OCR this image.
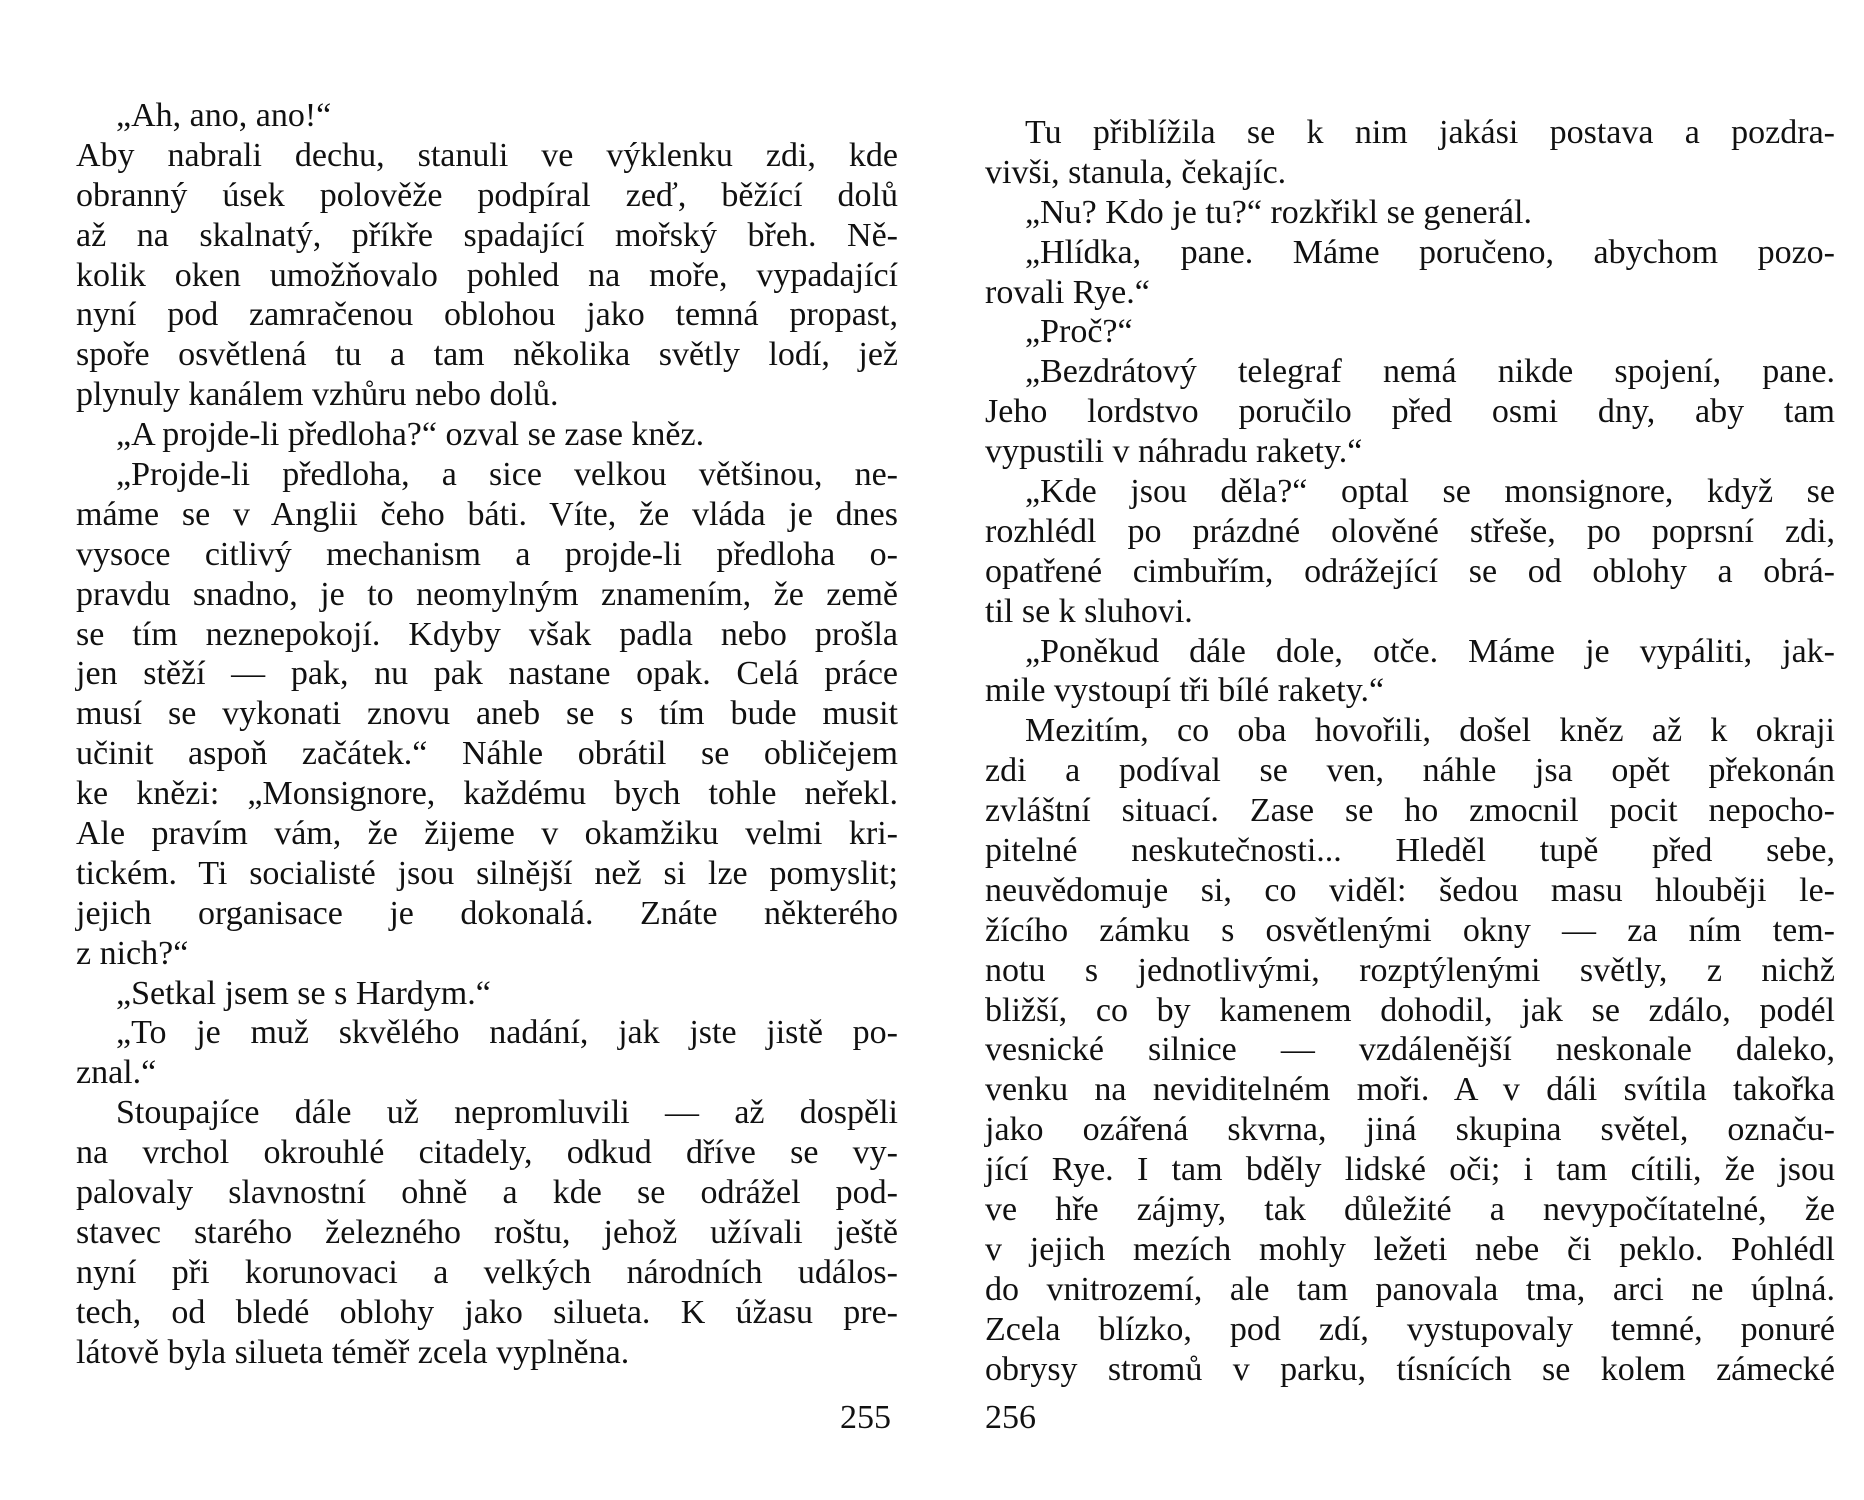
„Ah, ano, ano!“
Aby nabrali dechu, stanuli ve výklenku zdi, kde
obranný úsek polověže podpíral zeď, běžící dolů
až na skalnatý, příkře spadající mořský břeh. Ně-
kolik oken umožňovalo pohled na moře, vypadající
nyní pod zamračenou oblohou jako temná propast,
spoře osvětlená tu a tam několika světly lodí, jež
plynuly kanálem vzhůru nebo dolů.
„A projde-li předloha?“ ozval se zase kněz.
„Projde-li předloha, a sice velkou většinou, ne-
máme se v Anglii čeho báti. Víte, že vláda je dnes
vysoce citlivý mechanism a projde-li předloha o-
pravdu snadno, je to neomylným znamením, že země
se tím neznepokojí. Kdyby však padla nebo prošla
jen stěží — pak, nu pak nastane opak. Celá práce
musí se vykonati znovu aneb se s tím bude musit
učinit aspoň začátek.“ Náhle obrátil se obličejem
ke knězi: „Monsignore, každému bych tohle neřekl.
Ale pravím vám, že žijeme v okamžiku velmi kri-
tickém. Ti socialisté jsou silnější než si lze pomyslit;
jejich organisace je dokonalá. Znáte některého
z nich?“
„Setkal jsem se s Hardym.“
„To je muž skvělého nadání, jak jste jistě po-
znal.“
Stoupajíce dále už nepromluvili — až dospěli
na vrchol okrouhlé citadely, odkud dříve se vy-
palovaly slavnostní ohně a kde se odrážel pod-
stavec starého železného roštu, jehož užívali ještě
nyní při korunovaci a velkých národních událos-
tech, od bledé oblohy jako silueta. K úžasu pre-
látově byla silueta téměř zcela vyplněna.
255
Tu přiblížila se k nim jakási postava a pozdra-
vivši, stanula, čekajíc.
„Nu? Kdo je tu?“ rozkřikl se generál.
„Hlídka, pane. Máme poručeno, abychom pozo-
rovali Rye.“
„Proč?“
„Bezdrátový telegraf nemá nikde spojení, pane.
Jeho lordstvo poručilo před osmi dny, aby tam
vypustili v náhradu rakety.“
„Kde jsou děla?“ optal se monsignore, když se
rozhlédl po prázdné olověné střeše, po poprsní zdi,
opatřené cimbuřím, odrážející se od oblohy a obrá-
til se k sluhovi.
„Poněkud dále dole, otče. Máme je vypáliti, jak-
mile vystoupí tři bílé rakety.“
Mezitím, co oba hovořili, došel kněz až k okraji
zdi a podíval se ven, náhle jsa opět překonán
zvláštní situací. Zase se ho zmocnil pocit nepocho-
pitelné neskutečnosti... Hleděl tupě před sebe,
neuvědomuje si, co viděl: šedou masu hlouběji le-
žícího zámku s osvětlenými okny — za ním tem-
notu s jednotlivými, rozptýlenými světly, z nichž
bližší, co by kamenem dohodil, jak se zdálo, podél
vesnické silnice — vzdálenější neskonale daleko,
venku na neviditelném moři. A v dáli svítila takořka
jako ozářená skvrna, jiná skupina světel, označu-
jící Rye. I tam bděly lidské oči; i tam cítili, že jsou
ve hře zájmy, tak důležité a nevypočítatelné, že
v jejich mezích mohly ležeti nebe či peklo. Pohlédl
do vnitrozemí, ale tam panovala tma, arci ne úplná.
Zcela blízko, pod zdí, vystupovaly temné, ponuré
obrysy stromů v parku, tísnících se kolem zámecké
256
